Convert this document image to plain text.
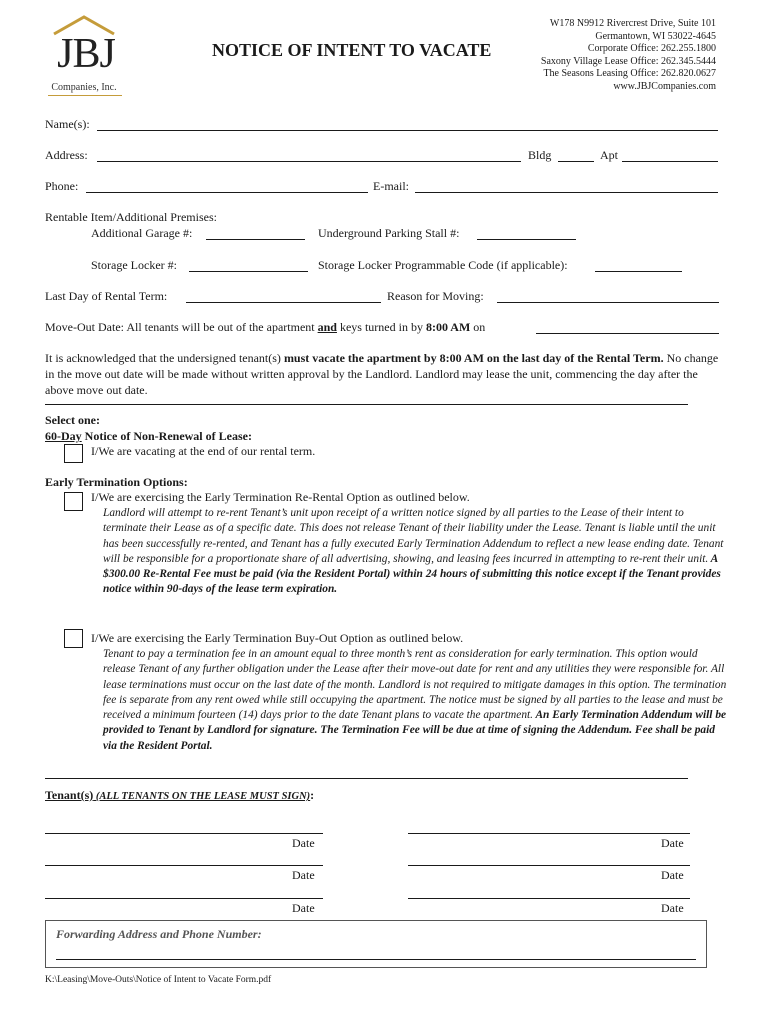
JBJ
Companies, Inc.
NOTICE OF INTENT TO VACATE
W178 N9912 Rivercrest Drive, Suite 101
Germantown, WI 53022-4645
Corporate Office: 262.255.1800
Saxony Village Lease Office: 262.345.5444
The Seasons Leasing Office: 262.820.0627
www.JBJCompanies.com
Name(s):
Address:	Bldg	Apt
Phone:	E-mail:
Rentable Item/Additional Premises:
Additional Garage #:	Underground Parking Stall #:
Storage Locker #:	Storage Locker Programmable Code (if applicable):
Last Day of Rental Term:	Reason for Moving:
Move-Out Date: All tenants will be out of the apartment and keys turned in by 8:00 AM on
It is acknowledged that the undersigned tenant(s) must vacate the apartment by 8:00 AM on the last day of the Rental Term. No change in the move out date will be made without written approval by the Landlord. Landlord may lease the unit, commencing the day after the above move out date.
Select one:
60-Day Notice of Non-Renewal of Lease:
I/We are vacating at the end of our rental term.
Early Termination Options:
I/We are exercising the Early Termination Re-Rental Option as outlined below.
Landlord will attempt to re-rent Tenant’s unit upon receipt of a written notice signed by all parties to the Lease of their intent to terminate their Lease as of a specific date. This does not release Tenant of their liability under the Lease. Tenant is liable until the unit has been successfully re-rented, and Tenant has a fully executed Early Termination Addendum to reflect a new lease ending date. Tenant will be responsible for a proportionate share of all advertising, showing, and leasing fees incurred in attempting to re-rent their unit. A $300.00 Re-Rental Fee must be paid (via the Resident Portal) within 24 hours of submitting this notice except if the Tenant provides notice within 90-days of the lease term expiration.
I/We are exercising the Early Termination Buy-Out Option as outlined below.
Tenant to pay a termination fee in an amount equal to three month’s rent as consideration for early termination. This option would release Tenant of any further obligation under the Lease after their move-out date for rent and any utilities they were responsible for. All lease terminations must occur on the last date of the month. Landlord is not required to mitigate damages in this option. The termination fee is separate from any rent owed while still occupying the apartment. The notice must be signed by all parties to the lease and must be received a minimum fourteen (14) days prior to the date Tenant plans to vacate the apartment. An Early Termination Addendum will be provided to Tenant by Landlord for signature. The Termination Fee will be due at time of signing the Addendum. Fee shall be paid via the Resident Portal.
Tenant(s) (ALL TENANTS ON THE LEASE MUST SIGN):
Date	Date
Date	Date
Date	Date
Forwarding Address and Phone Number:
K:\Leasing\Move-Outs\Notice of Intent to Vacate Form.pdf
